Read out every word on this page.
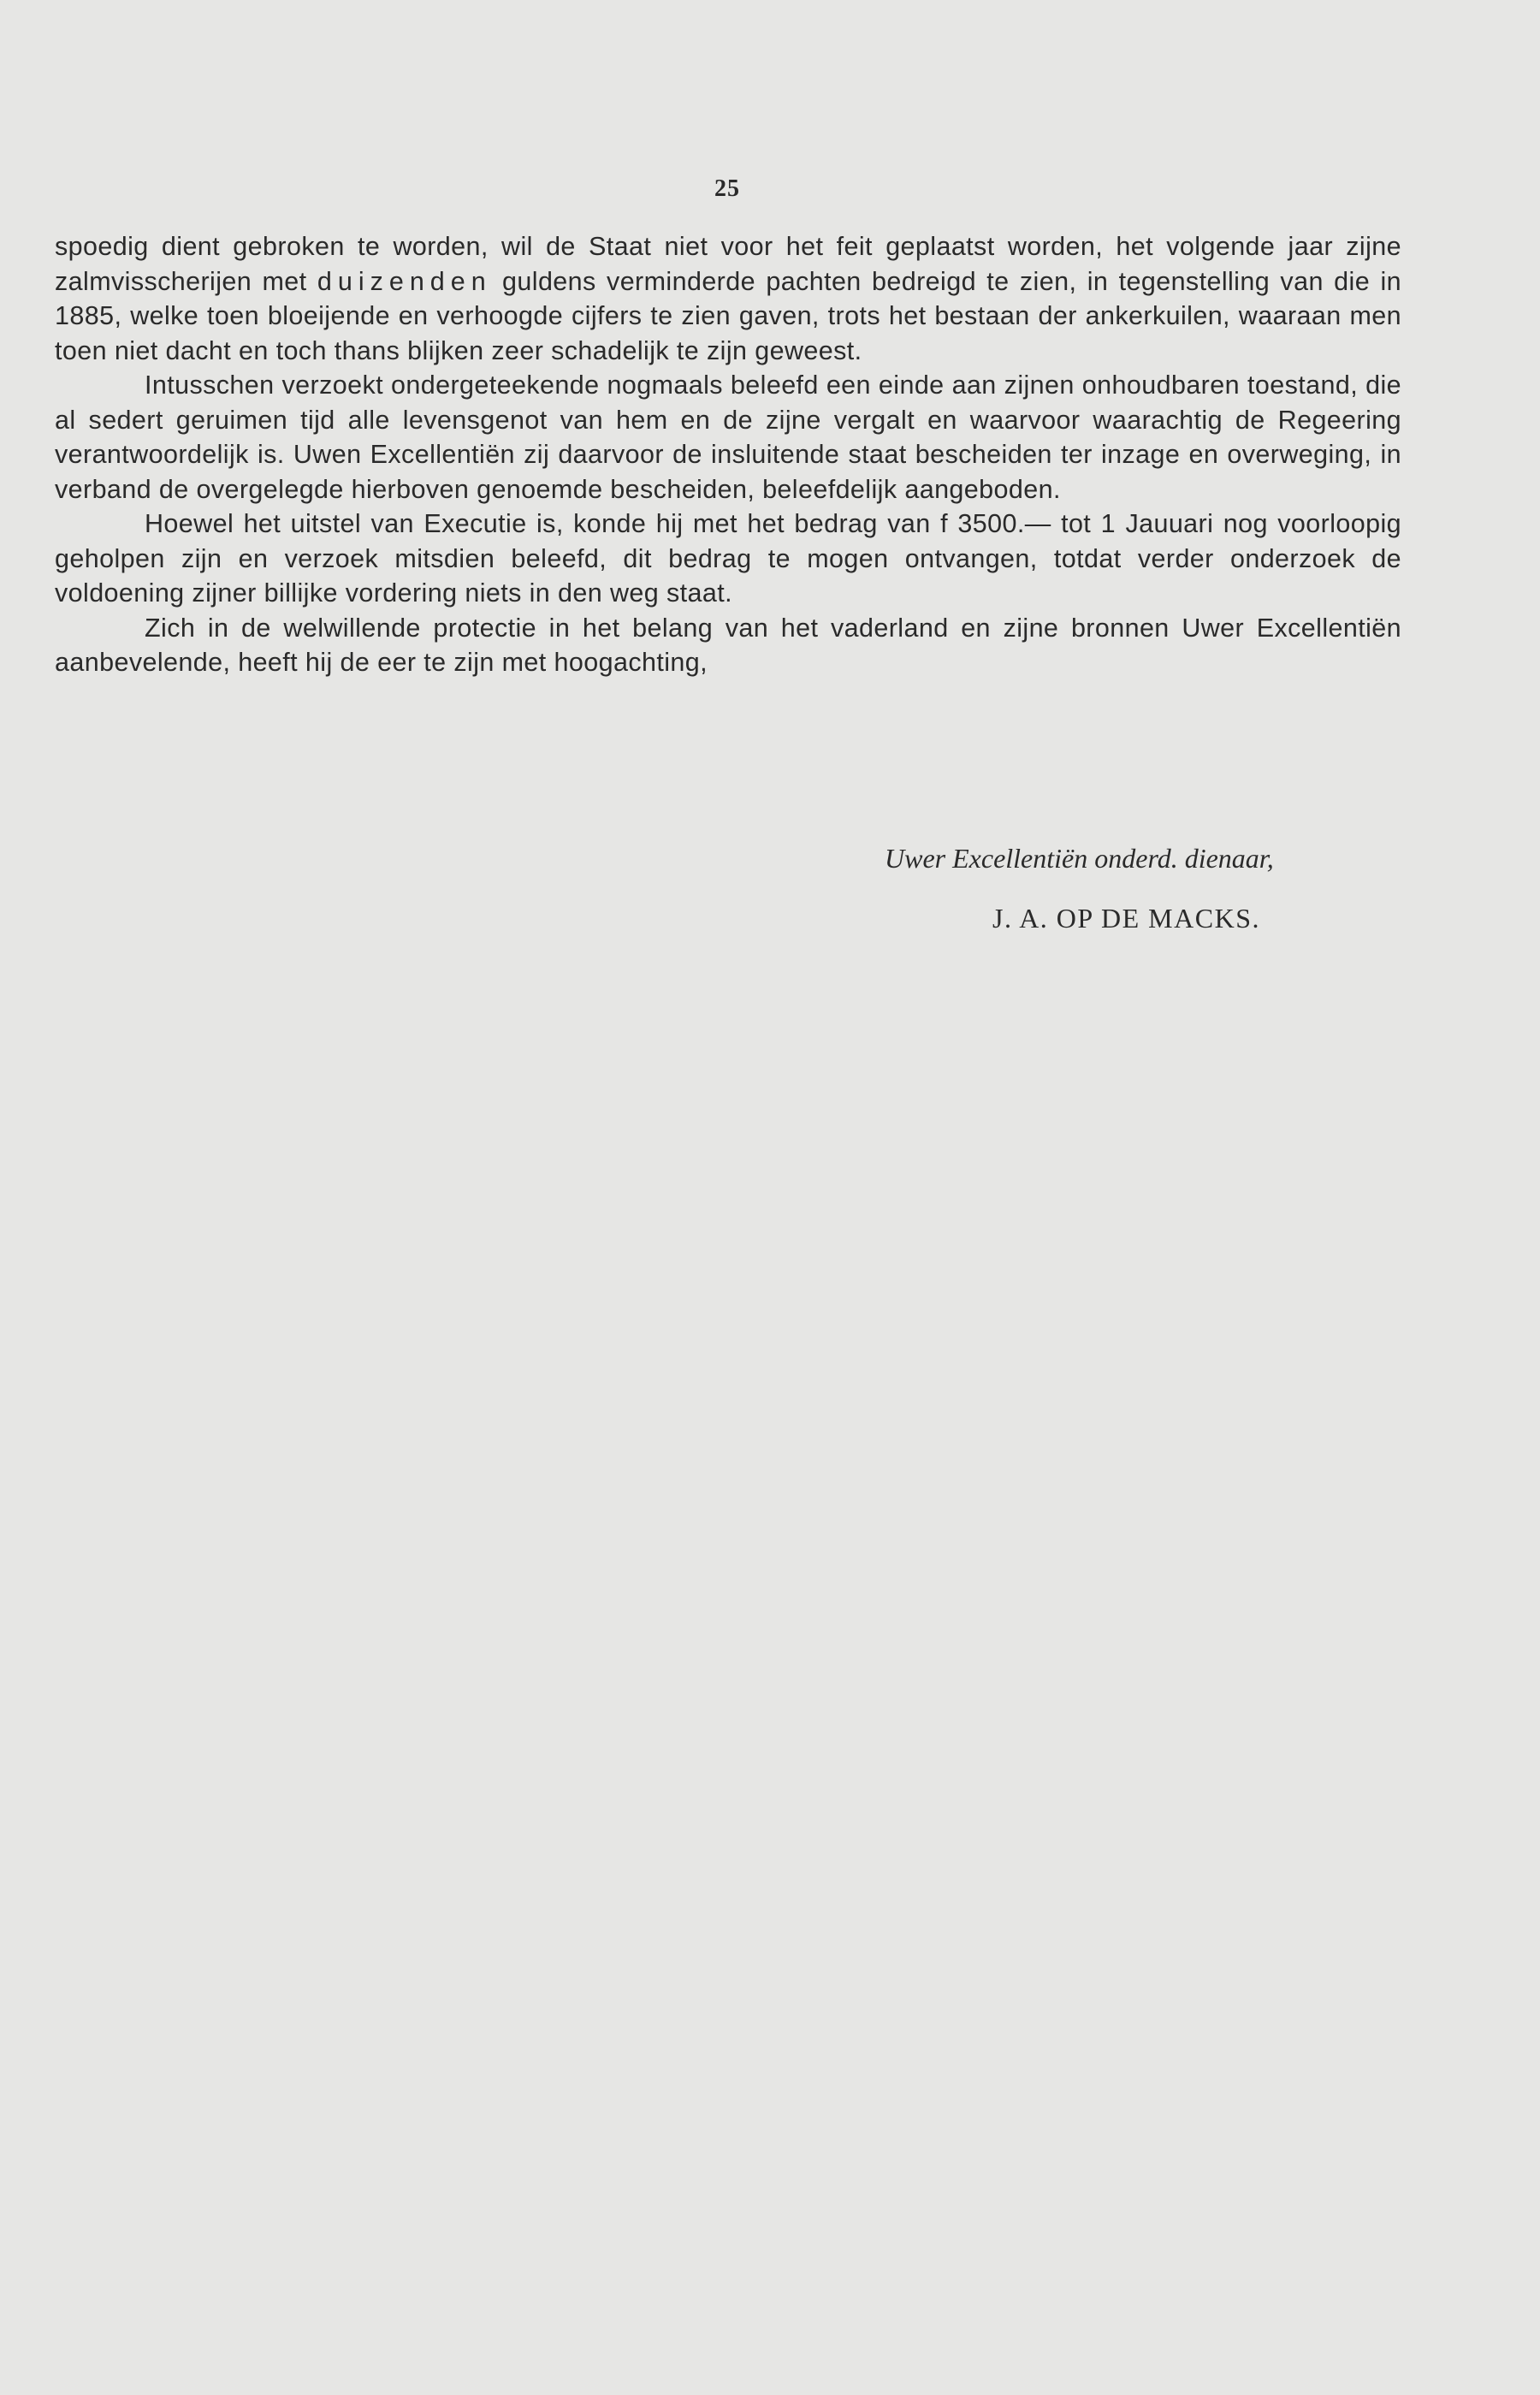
25

spoedig dient gebroken te worden, wil de Staat niet voor het feit geplaatst worden, het volgende jaar zijne zalmvisscherijen met duizenden guldens verminderde pachten bedreigd te zien, in tegenstelling van die in 1885, welke toen bloeijende en verhoogde cijfers te zien gaven, trots het bestaan der ankerkuilen, waaraan men toen niet dacht en toch thans blijken zeer schadelijk te zijn geweest.

Intusschen verzoekt ondergeteekende nogmaals beleefd een einde aan zijnen onhoudbaren toestand, die al sedert geruimen tijd alle levensgenot van hem en de zijne vergalt en waarvoor waarachtig de Regeering verantwoordelijk is. Uwen Excellentiën zij daarvoor de insluitende staat bescheiden ter inzage en overweging, in verband de overgelegde hierboven genoemde bescheiden, beleefdelijk aangeboden.

Hoewel het uitstel van Executie is, konde hij met het bedrag van f 3500.— tot 1 Jauuari nog voorloopig geholpen zijn en verzoek mitsdien beleefd, dit bedrag te mogen ontvangen, totdat verder onderzoek de voldoening zijner billijke vordering niets in den weg staat.

Zich in de welwillende protectie in het belang van het vaderland en zijne bronnen Uwer Excellentiën aanbevelende, heeft hij de eer te zijn met hoogachting,

Uwer Excellentiën onderd. dienaar,
J. A. OP DE MACKS.
